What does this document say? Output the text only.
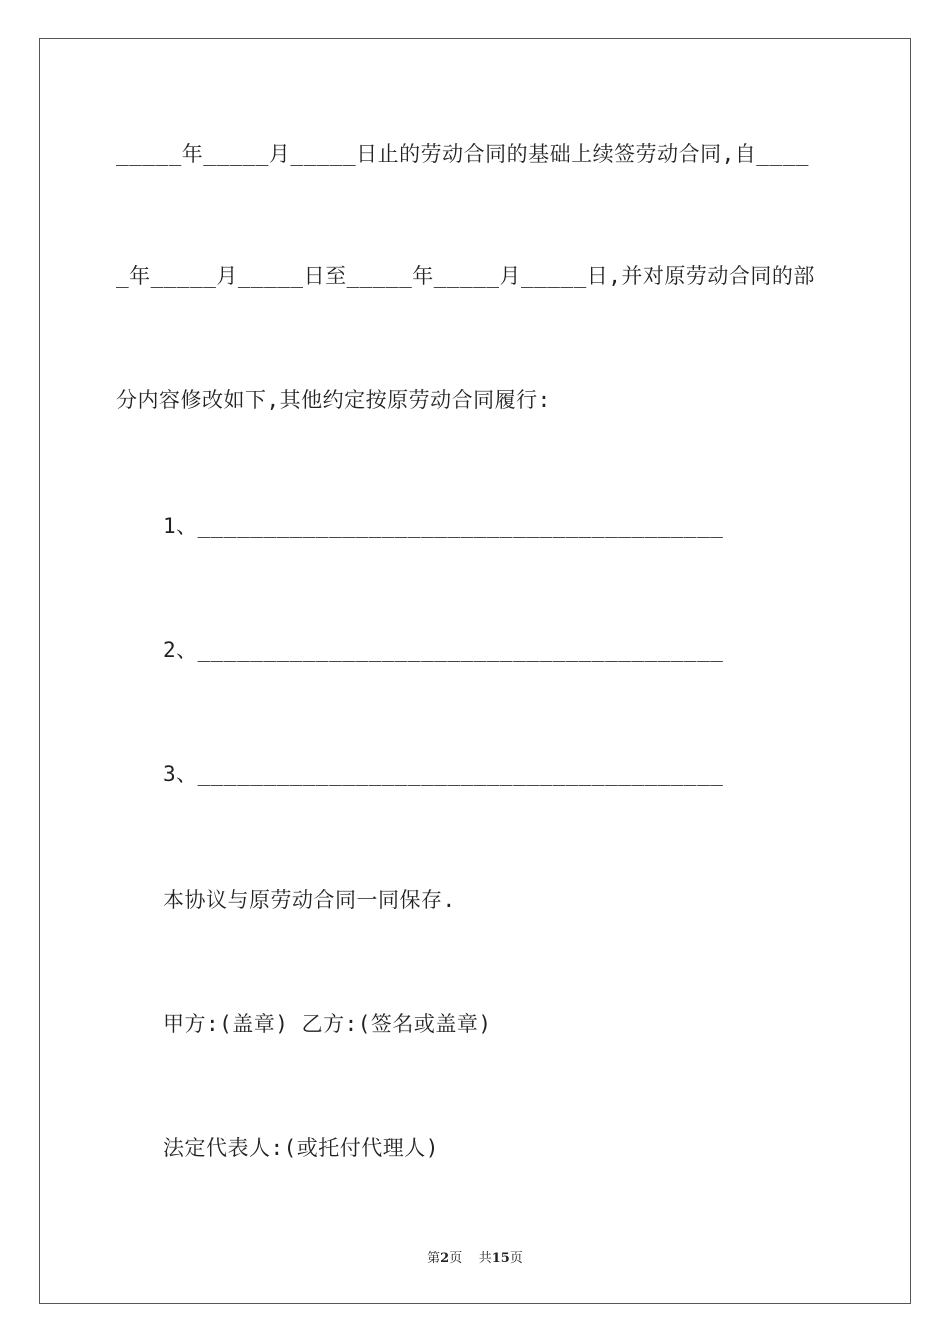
_____年_____月_____日止的劳动合同的基础上续签劳动合同,自____
_年_____月_____日至_____年_____月_____日,并对原劳动合同的部
分内容修改如下,其他约定按原劳动合同履行:
1、________________________________________
2、________________________________________
3、________________________________________
本协议与原劳动合同一同保存.
甲方:(盖章) 乙方:(签名或盖章)
法定代表人:(或托付代理人)
第2页 共15页
